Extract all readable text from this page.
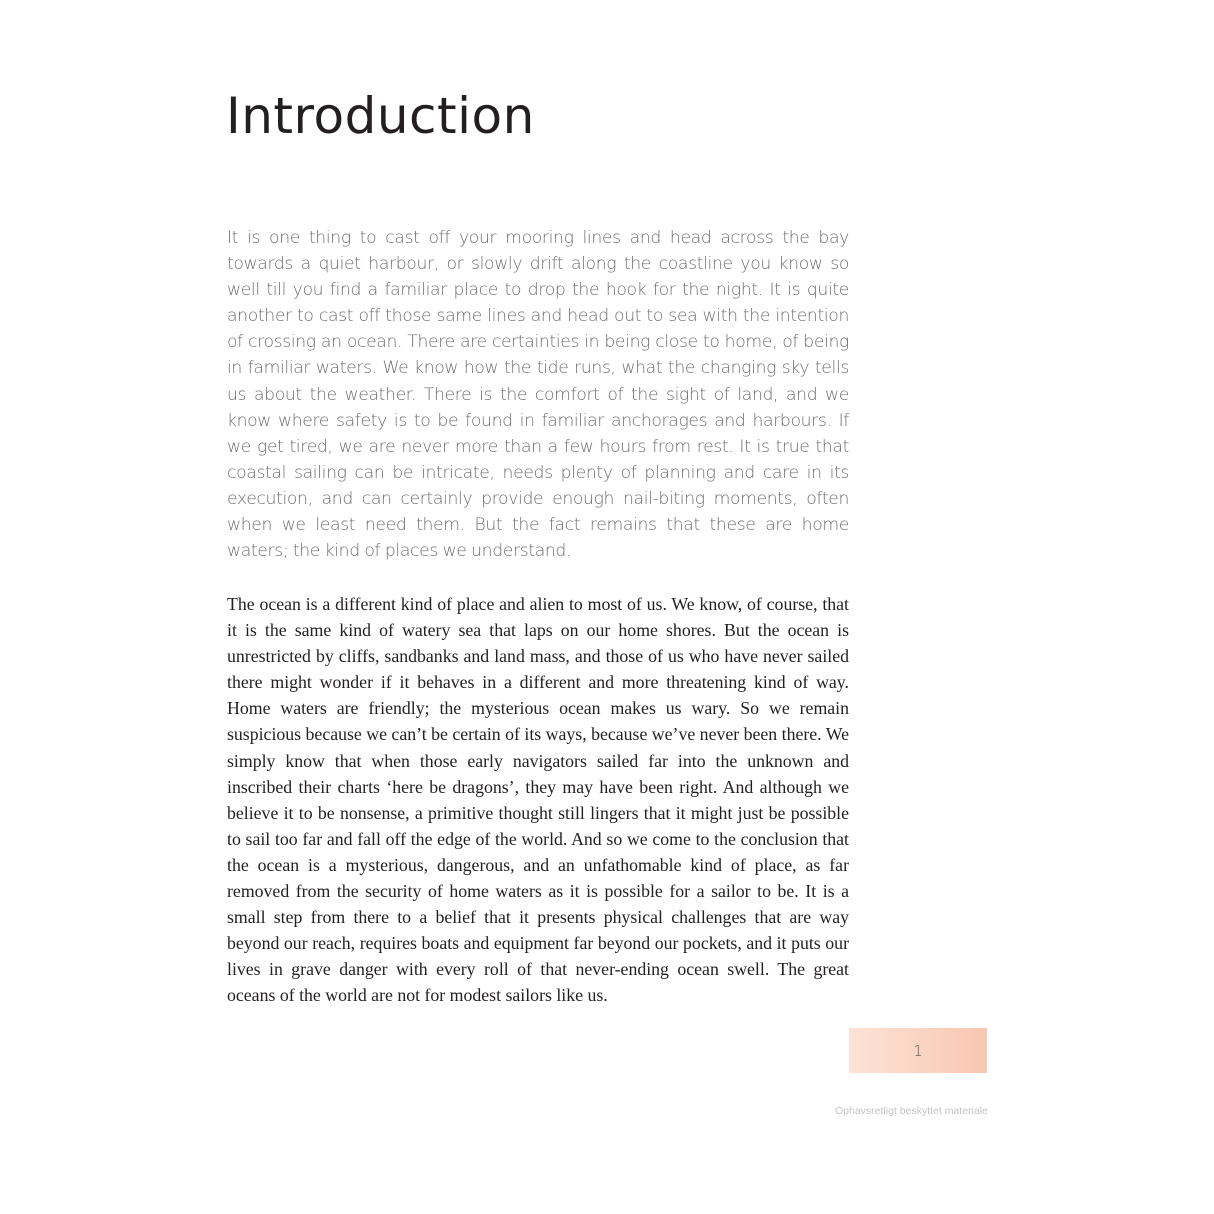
Introduction

It is one thing to cast off your mooring lines and head across the bay towards a quiet harbour, or slowly drift along the coastline you know so well till you find a familiar place to drop the hook for the night. It is quite another to cast off those same lines and head out to sea with the intention of crossing an ocean. There are certainties in being close to home, of being in familiar waters. We know how the tide runs, what the changing sky tells us about the weather. There is the comfort of the sight of land, and we know where safety is to be found in familiar anchorages and harbours. If we get tired, we are never more than a few hours from rest. It is true that coastal sailing can be intricate, needs plenty of planning and care in its execution, and can certainly provide enough nail-biting moments, often when we least need them. But the fact remains that these are home waters; the kind of places we understand.

The ocean is a different kind of place and alien to most of us. We know, of course, that it is the same kind of watery sea that laps on our home shores. But the ocean is unrestricted by cliffs, sandbanks and land mass, and those of us who have never sailed there might wonder if it behaves in a different and more threatening kind of way. Home waters are friendly; the mysterious ocean makes us wary. So we remain suspicious because we can’t be certain of its ways, because we’ve never been there. We simply know that when those early navigators sailed far into the unknown and inscribed their charts ‘here be dragons’, they may have been right. And although we believe it to be nonsense, a primitive thought still lingers that it might just be possible to sail too far and fall off the edge of the world. And so we come to the conclusion that the ocean is a mysterious, dangerous, and an unfathomable kind of place, as far removed from the security of home waters as it is possible for a sailor to be. It is a small step from there to a belief that it presents physical challenges that are way beyond our reach, requires boats and equipment far beyond our pockets, and it puts our lives in grave danger with every roll of that never-ending ocean swell. The great oceans of the world are not for modest sailors like us.

1
Ophavsretligt beskyttet materiale
